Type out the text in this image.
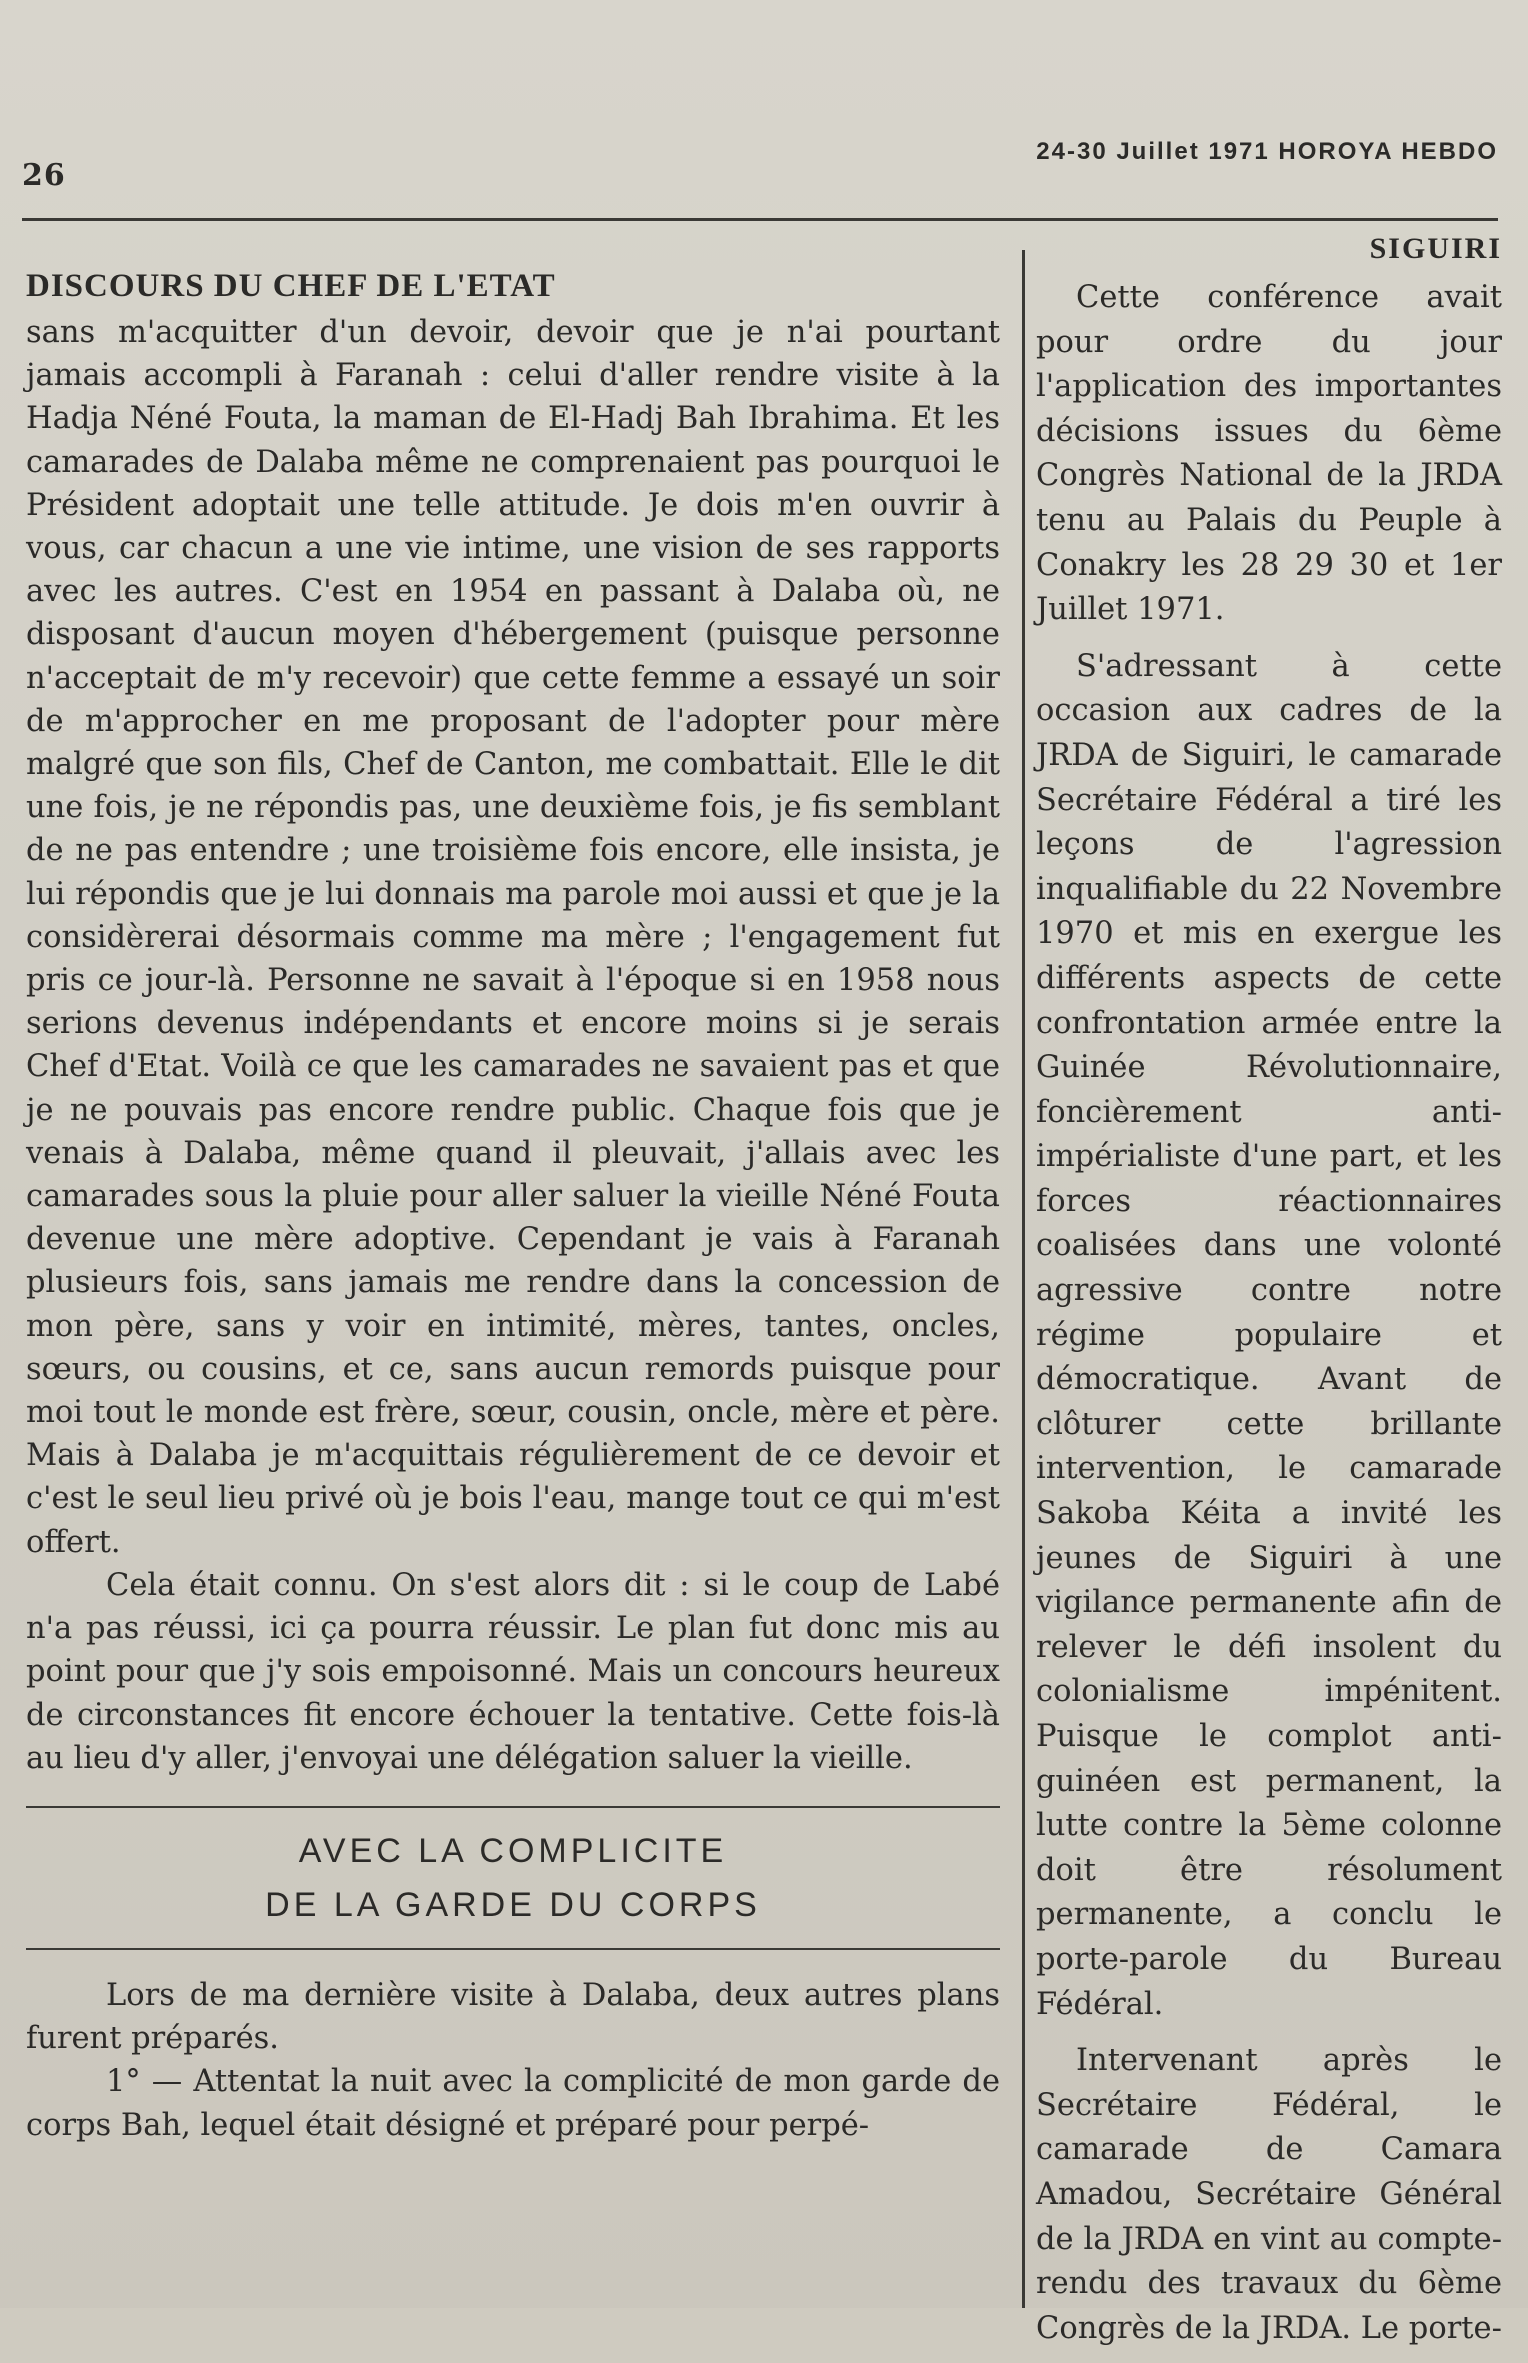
26
24-30 Juillet 1971 HOROYA HEBDO
DISCOURS DU CHEF DE L'ETAT

sans m'acquitter d'un devoir, devoir que je n'ai pourtant jamais accompli à Faranah : celui d'aller rendre visite à la Hadja Néné Fouta, la maman de El-Hadj Bah Ibrahima. Et les camarades de Dalaba même ne comprenaient pas pourquoi le Président adoptait une telle attitude. Je dois m'en ouvrir à vous, car chacun a une vie intime, une vision de ses rapports avec les autres. C'est en 1954 en passant à Dalaba où, ne disposant d'aucun moyen d'hébergement (puisque personne n'acceptait de m'y recevoir) que cette femme a essayé un soir de m'approcher en me proposant de l'adopter pour mère malgré que son fils, Chef de Canton, me combattait. Elle le dit une fois, je ne répondis pas, une deuxième fois, je fis semblant de ne pas entendre ; une troisième fois encore, elle insista, je lui répondis que je lui donnais ma parole moi aussi et que je la considèrerai désormais comme ma mère ; l'engagement fut pris ce jour-là. Personne ne savait à l'époque si en 1958 nous serions devenus indépendants et encore moins si je serais Chef d'Etat. Voilà ce que les camarades ne savaient pas et que je ne pouvais pas encore rendre public. Chaque fois que je venais à Dalaba, même quand il pleuvait, j'allais avec les camarades sous la pluie pour aller saluer la vieille Néné Fouta devenue une mère adoptive. Cependant je vais à Faranah plusieurs fois, sans jamais me rendre dans la concession de mon père, sans y voir en intimité, mères, tantes, oncles, sœurs, ou cousins, et ce, sans aucun remords puisque pour moi tout le monde est frère, sœur, cousin, oncle, mère et père. Mais à Dalaba je m'acquittais régulièrement de ce devoir et c'est le seul lieu privé où je bois l'eau, mange tout ce qui m'est offert.

Cela était connu. On s'est alors dit : si le coup de Labé n'a pas réussi, ici ça pourra réussir. Le plan fut donc mis au point pour que j'y sois empoisonné. Mais un concours heureux de circonstances fit encore échouer la tentative. Cette fois-là au lieu d'y aller, j'envoyai une délégation saluer la vieille.

AVEC LA COMPLICITE
DE LA GARDE DU CORPS

Lors de ma dernière visite à Dalaba, deux autres plans furent préparés.

1° — Attentat la nuit avec la complicité de mon garde de corps Bah, lequel était désigné et préparé pour perpé-

SIGUIRI

Cette conférence avait pour ordre du jour l'application des importantes décisions issues du 6ème Congrès National de la JRDA tenu au Palais du Peuple à Conakry les 28 29 30 et 1er Juillet 1971.

S'adressant à cette occasion aux cadres de la JRDA de Siguiri, le camarade Secrétaire Fédéral a tiré les leçons de l'agression inqualifiable du 22 Novembre 1970 et mis en exergue les différents aspects de cette confrontation armée entre la Guinée Révolutionnaire, foncièrement anti-impérialiste d'une part, et les forces réactionnaires coalisées dans une volonté agressive contre notre régime populaire et démocratique. Avant de clôturer cette brillante intervention, le camarade Sakoba Kéita a invité les jeunes de Siguiri à une vigilance permanente afin de relever le défi insolent du colonialisme impénitent. Puisque le complot anti-guinéen est permanent, la lutte contre la 5ème colonne doit être résolument permanente, a conclu le porte-parole du Bureau Fédéral.

Intervenant après le Secrétaire Fédéral, le camarade de Camara Amadou, Secrétaire Général de la JRDA en vint au compte-rendu des travaux du 6ème Congrès de la JRDA. Le porte-
